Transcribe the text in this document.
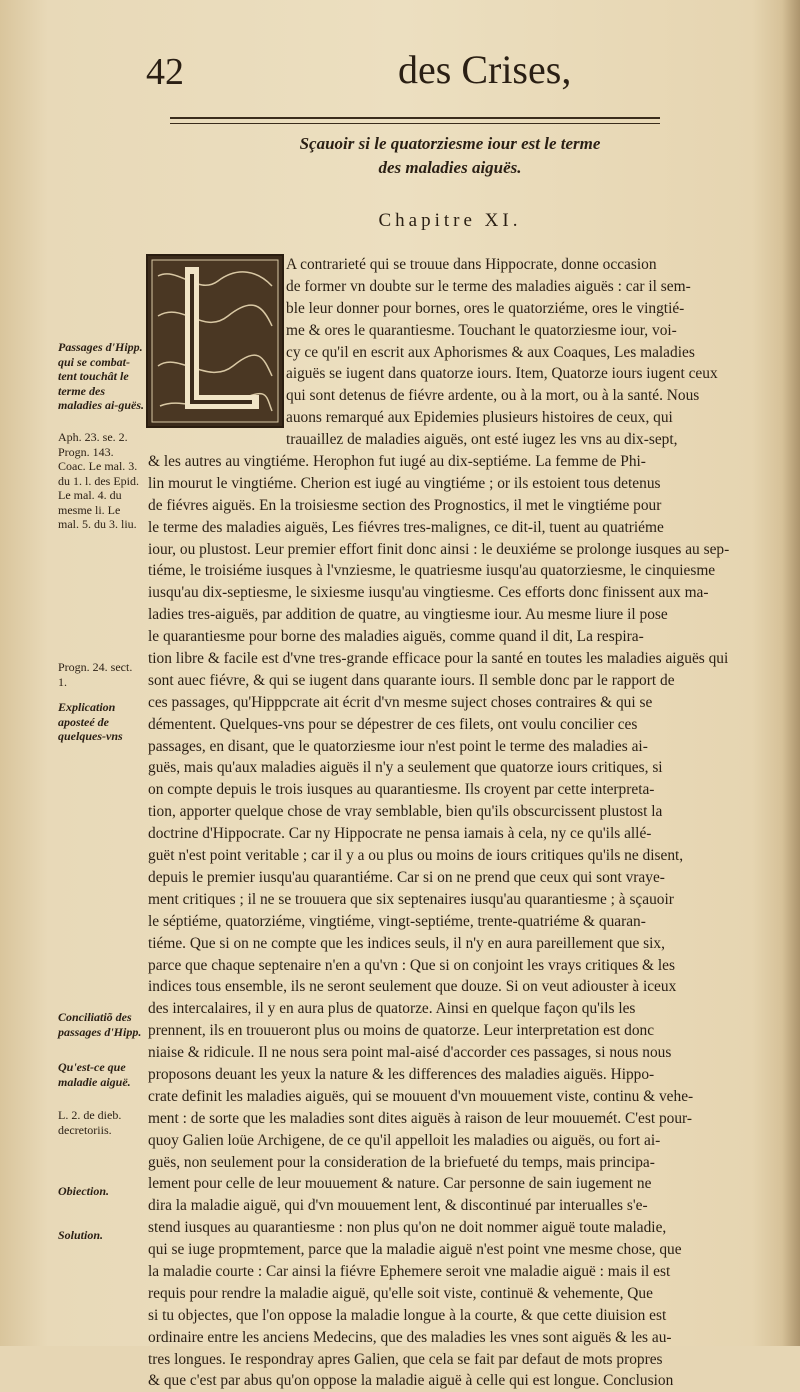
42	des Crises,
Sçauoir si le quatorziesme iour est le terme
des maladies aiguës.
Chapitre XI.
A contrarieté qui se trouue dans Hippocrate, donne occasion
de former vn doubte sur le terme des maladies aiguës : car il sem-
ble leur donner pour bornes, ores le quatorziéme, ores le vingtié-
me & ores le quarantiesme. Touchant le quatorziesme iour, voi-
cy ce qu'il en escrit aux Aphorismes & aux Coaques, Les maladies
aiguës se iugent dans quatorze iours. Item, Quatorze iours iugent ceux
qui sont detenus de fiévre ardente, ou à la mort, ou à la santé. Nous
auons remarqué aux Epidemies plusieurs histoires de ceux, qui
trauaillez de maladies aiguës, ont esté iugez les vns au dix-sept,
& les autres au vingtiéme. Herophon fut iugé au dix-septiéme. La femme de Phi-
lin mourut le vingtiéme. Cherion est iugé au vingtiéme ; or ils estoient tous detenus
de fiévres aiguës. En la troisiesme section des Prognostics, il met le vingtiéme pour
le terme des maladies aiguës, Les fiévres tres-malignes, ce dit-il, tuent au quatriéme
iour, ou plustost. Leur premier effort finit donc ainsi : le deuxiéme se prolonge iusques au sep-
tiéme, le troisiéme iusques à l'vnziesme, le quatriesme iusqu'au quatorziesme, le cinquiesme
iusqu'au dix-septiesme, le sixiesme iusqu'au vingtiesme. Ces efforts donc finissent aux ma-
ladies tres-aiguës, par addition de quatre, au vingtiesme iour. Au mesme liure il pose
le quarantiesme pour borne des maladies aiguës, comme quand il dit, La respira-
tion libre & facile est d'vne tres-grande efficace pour la santé en toutes les maladies aiguës qui
sont auec fiévre, & qui se iugent dans quarante iours. Il semble donc par le rapport de
ces passages, qu'Hipppcrate ait écrit d'vn mesme suject choses contraires & qui se
démentent. Quelques-vns pour se dépestrer de ces filets, ont voulu concilier ces
passages, en disant, que le quatorziesme iour n'est point le terme des maladies ai-
guës, mais qu'aux maladies aiguës il n'y a seulement que quatorze iours critiques, si
on compte depuis le trois iusques au quarantiesme. Ils croyent par cette interpreta-
tion, apporter quelque chose de vray semblable, bien qu'ils obscurcissent plustost la
doctrine d'Hippocrate. Car ny Hippocrate ne pensa iamais à cela, ny ce qu'ils allé-
guët n'est point veritable ; car il y a ou plus ou moins de iours critiques qu'ils ne disent,
depuis le premier iusqu'au quarantiéme. Car si on ne prend que ceux qui sont vraye-
ment critiques ; il ne se trouuera que six septenaires iusqu'au quarantiesme ; à sçauoir
le séptiéme, quatorziéme, vingtiéme, vingt-septiéme, trente-quatriéme & quaran-
tiéme. Que si on ne compte que les indices seuls, il n'y en aura pareillement que six,
parce que chaque septenaire n'en a qu'vn : Que si on conjoint les vrays critiques & les
indices tous ensemble, ils ne seront seulement que douze. Si on veut adiouster à iceux
des intercalaires, il y en aura plus de quatorze. Ainsi en quelque façon qu'ils les
prennent, ils en trouueront plus ou moins de quatorze. Leur interpretation est donc
niaise & ridicule. Il ne nous sera point mal-aisé d'accorder ces passages, si nous nous
proposons deuant les yeux la nature & les differences des maladies aiguës. Hippo-
crate definit les maladies aiguës, qui se mouuent d'vn mouuement viste, continu & vehe-
ment : de sorte que les maladies sont dites aiguës à raison de leur mouuemét. C'est pour-
quoy Galien loüe Archigene, de ce qu'il appelloit les maladies ou aiguës, ou fort ai-
guës, non seulement pour la consideration de la briefueté du temps, mais principa-
lement pour celle de leur mouuement & nature. Car personne de sain iugement ne
dira la maladie aiguë, qui d'vn mouuement lent, & discontinué par interualles s'e-
stend iusques au quarantiesme : non plus qu'on ne doit nommer aiguë toute maladie,
qui se iuge propmtement, parce que la maladie aiguë n'est point vne mesme chose, que
la maladie courte : Car ainsi la fiévre Ephemere seroit vne maladie aiguë : mais il est
requis pour rendre la maladie aiguë, qu'elle soit viste, continuë & vehemente, Que
si tu objectes, que l'on oppose la maladie longue à la courte, & que cette diuision est
ordinaire entre les anciens Medecins, que des maladies les vnes sont aiguës & les au-
tres longues. Ie respondray apres Galien, que cela se fait par defaut de mots propres
& que c'est par abus qu'on oppose la maladie aiguë à celle qui est longue. Conclusion
Passages d'Hipp. qui se combat-tent touchât le terme des maladies ai-guës.
Aph. 23. se. 2. Progn. 143. Coac. Le mal. 3. du 1. l. des Epid. Le mal. 4. du mesme li. Le mal. 5. du 3. liu.
Progn. 24. sect. 1.
Explication aposteé de quelques-vns
Conciliatiõ des passages d'Hipp.
Qu'est-ce que maladie aiguë.
L. 2. de dieb. decretoriis.
Obiection.
Solution.
